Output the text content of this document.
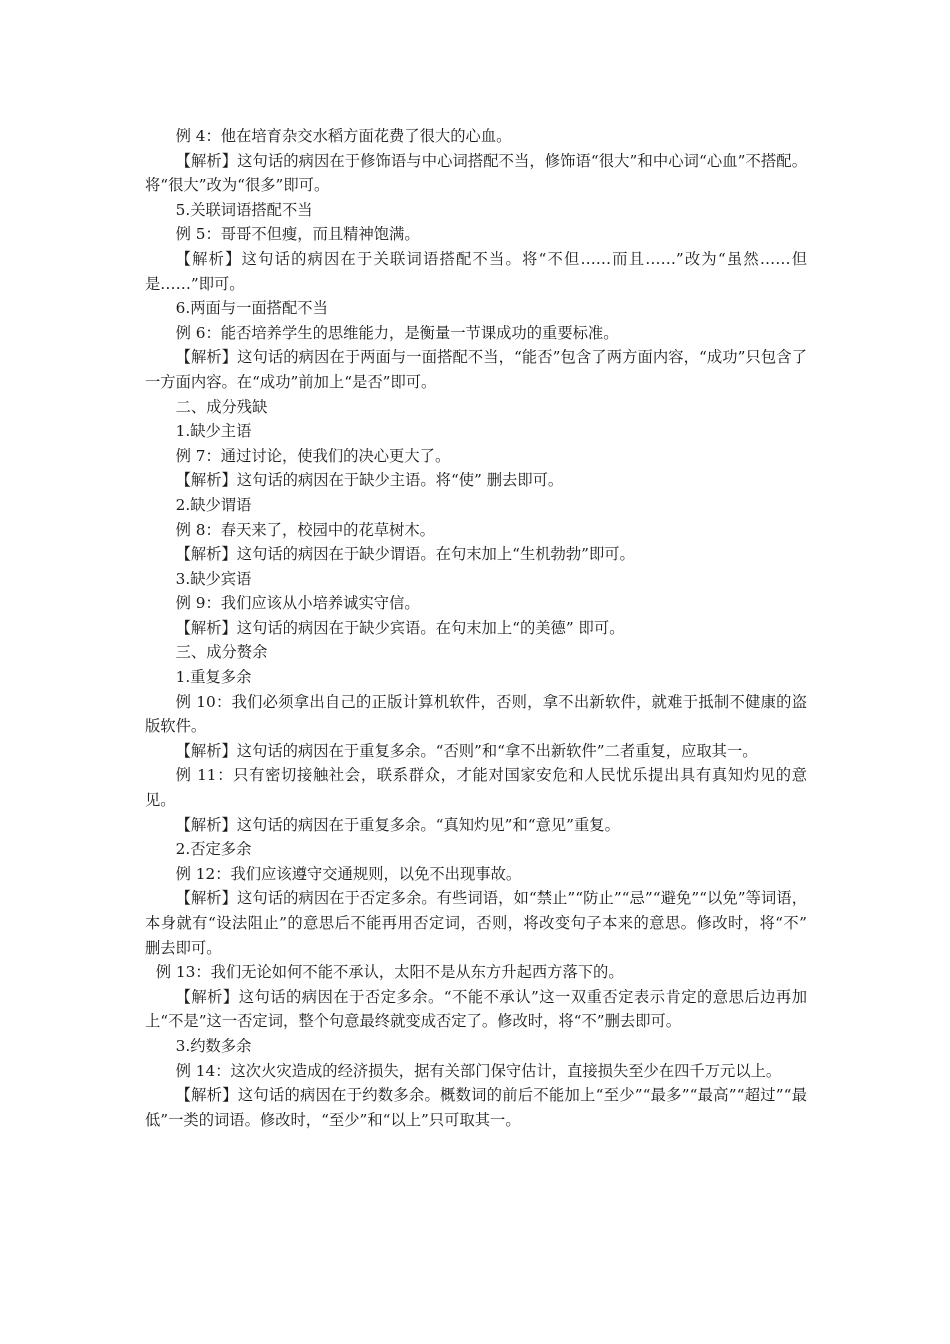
例 4：他在培育杂交水稻方面花费了很大的心血。

【解析】这句话的病因在于修饰语与中心词搭配不当，修饰语“很大”和中心词“心血”不搭配。将“很大”改为“很多”即可。

5.关联词语搭配不当

例 5：哥哥不但瘦，而且精神饱满。

【解析】这句话的病因在于关联词语搭配不当。将“不但……而且……”改为“虽然……但是……”即可。

6.两面与一面搭配不当

例 6：能否培养学生的思维能力，是衡量一节课成功的重要标准。

【解析】这句话的病因在于两面与一面搭配不当，“能否”包含了两方面内容，“成功”只包含了一方面内容。在“成功”前加上“是否”即可。

二、成分残缺

1.缺少主语

例 7：通过讨论，使我们的决心更大了。

【解析】这句话的病因在于缺少主语。将“使” 删去即可。

2.缺少谓语

例 8：春天来了，校园中的花草树木。

【解析】这句话的病因在于缺少谓语。在句末加上“生机勃勃”即可。

3.缺少宾语

例 9：我们应该从小培养诚实守信。

【解析】这句话的病因在于缺少宾语。在句末加上“的美德” 即可。

三、成分赘余

1.重复多余

例 10：我们必须拿出自己的正版计算机软件，否则，拿不出新软件，就难于抵制不健康的盗版软件。

【解析】这句话的病因在于重复多余。“否则”和“拿不出新软件”二者重复，应取其一。

例 11：只有密切接触社会，联系群众，才能对国家安危和人民忧乐提出具有真知灼见的意见。

【解析】这句话的病因在于重复多余。“真知灼见”和“意见”重复。

2.否定多余

例 12：我们应该遵守交通规则，以免不出现事故。

【解析】这句话的病因在于否定多余。有些词语，如“禁止”“防止”“忌”“避免”“以免”等词语，本身就有“设法阻止”的意思后不能再用否定词，否则，将改变句子本来的意思。修改时，将“不” 删去即可。

例 13：我们无论如何不能不承认，太阳不是从东方升起西方落下的。

【解析】这句话的病因在于否定多余。“不能不承认”这一双重否定表示肯定的意思后边再加上“不是”这一否定词，整个句意最终就变成否定了。修改时，将“不”删去即可。

3.约数多余

例 14：这次火灾造成的经济损失，据有关部门保守估计，直接损失至少在四千万元以上。

【解析】这句话的病因在于约数多余。概数词的前后不能加上“至少”“最多”“最高”“超过”“最低”一类的词语。修改时，“至少”和“以上”只可取其一。
